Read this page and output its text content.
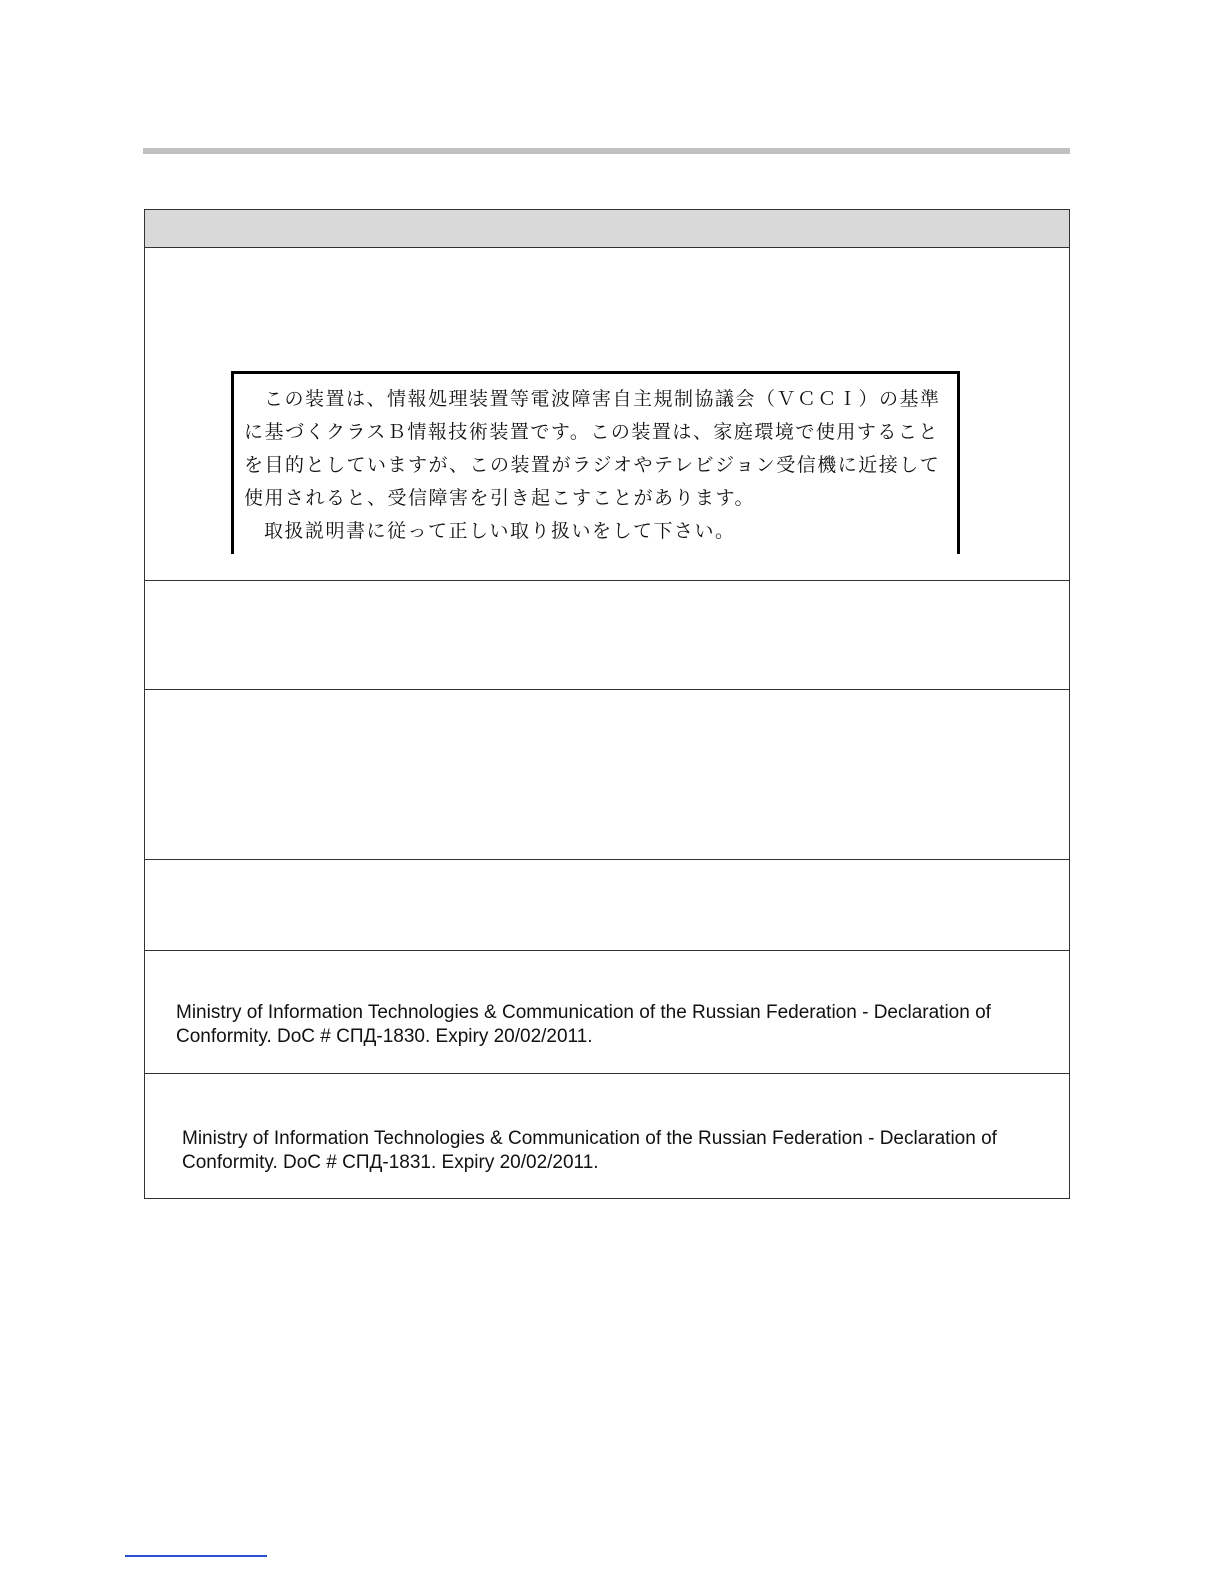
この装置は、情報処理装置等電波障害自主規制協議会（ＶＣＣＩ）の基準
に基づくクラスＢ情報技術装置です。この装置は、家庭環境で使用すること
を目的としていますが、この装置がラジオやテレビジョン受信機に近接して
使用されると、受信障害を引き起こすことがあります。
取扱説明書に従って正しい取り扱いをして下さい。
Ministry of Information Technologies & Communication of the Russian Federation - Declaration of
Conformity. DoC # СПД-1830. Expiry 20/02/2011.
Ministry of Information Technologies & Communication of the Russian Federation - Declaration of
Conformity. DoC # СПД-1831. Expiry 20/02/2011.
